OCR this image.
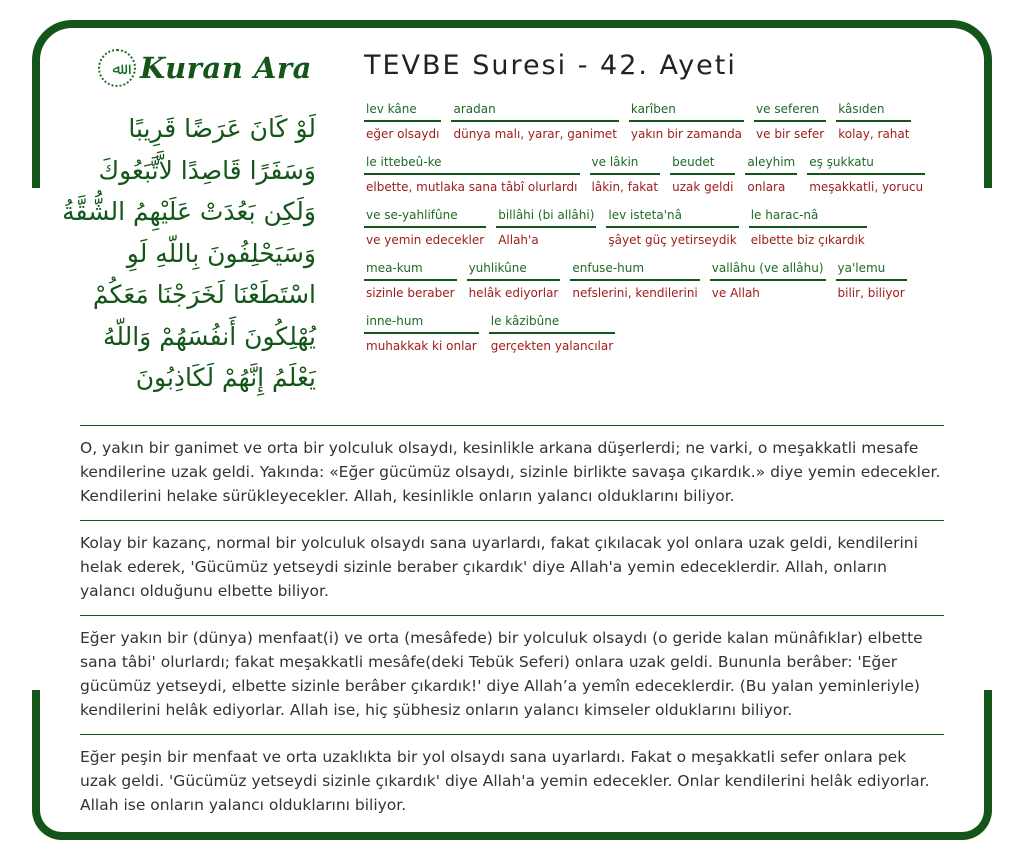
ﷲ Kuran Ara TEVBE Suresi - 42. Ayeti
لَوْ كَانَ عَرَضًا قَرِيبًا
وَسَفَرًا قَاصِدًا لاَّتَّبَعُوكَ
وَلَكِن بَعُدَتْ عَلَيْهِمُ الشُّقَّةُ
وَسَيَحْلِفُونَ بِاللّهِ لَوِ
اسْتَطَعْنَا لَخَرَجْنَا مَعَكُمْ
يُهْلِكُونَ أَنفُسَهُمْ وَاللّهُ
يَعْلَمُ إِنَّهُمْ لَكَاذِبُونَ
lev kâne
eğer olsaydı
aradan
dünya malı, yarar, ganimet
karîben
yakın bir zamanda
ve seferen
ve bir sefer
kâsıden
kolay, rahat
le ittebeû-ke
elbette, mutlaka sana tâbî olurlardı
ve lâkin
lâkin, fakat
beudet
uzak geldi
aleyhim
onlara
eş şukkatu
meşakkatli, yorucu
ve se-yahlifûne
ve yemin edecekler
billâhi (bi allâhi)
Allah'a
lev isteta'nâ
şâyet güç yetirseydik
le harac-nâ
elbette biz çıkardık
mea-kum
sizinle beraber
yuhlikûne
helâk ediyorlar
enfuse-hum
nefslerini, kendilerini
vallâhu (ve allâhu)
ve Allah
ya'lemu
bilir, biliyor
inne-hum
muhakkak ki onlar
le kâzibûne
gerçekten yalancılar

O, yakın bir ganimet ve orta bir yolculuk olsaydı, kesinlikle arkana düşerlerdi; ne varki, o meşakkatli mesafe kendilerine uzak geldi. Yakında: «Eğer gücümüz olsaydı, sizinle birlikte savaşa çıkardık.» diye yemin edecekler. Kendilerini helake sürükleyecekler. Allah, kesinlikle onların yalancı olduklarını biliyor.

Kolay bir kazanç, normal bir yolculuk olsaydı sana uyarlardı, fakat çıkılacak yol onlara uzak geldi, kendilerini helak ederek, 'Gücümüz yetseydi sizinle beraber çıkardık' diye Allah'a yemin edeceklerdir. Allah, onların yalancı olduğunu elbette biliyor.

Eğer yakın bir (dünya) menfaat(i) ve orta (mesâfede) bir yolculuk olsaydı (o geride kalan münâfıklar) elbette sana tâbi' olurlardı; fakat meşakkatli mesâfe(deki Tebük Seferi) onlara uzak geldi. Bununla berâber: 'Eğer gücümüz yetseydi, elbette sizinle berâber çıkardık!' diye Allah’a yemîn edeceklerdir. (Bu yalan yeminleriyle) kendilerini helâk ediyorlar. Allah ise, hiç şübhesiz onların yalancı kimseler olduklarını biliyor.

Eğer peşin bir menfaat ve orta uzaklıkta bir yol olsaydı sana uyarlardı. Fakat o meşakkatli sefer onlara pek uzak geldi. 'Gücümüz yetseydi sizinle çıkardık' diye Allah'a yemin edecekler. Onlar kendilerini helâk ediyorlar. Allah ise onların yalancı olduklarını biliyor.
